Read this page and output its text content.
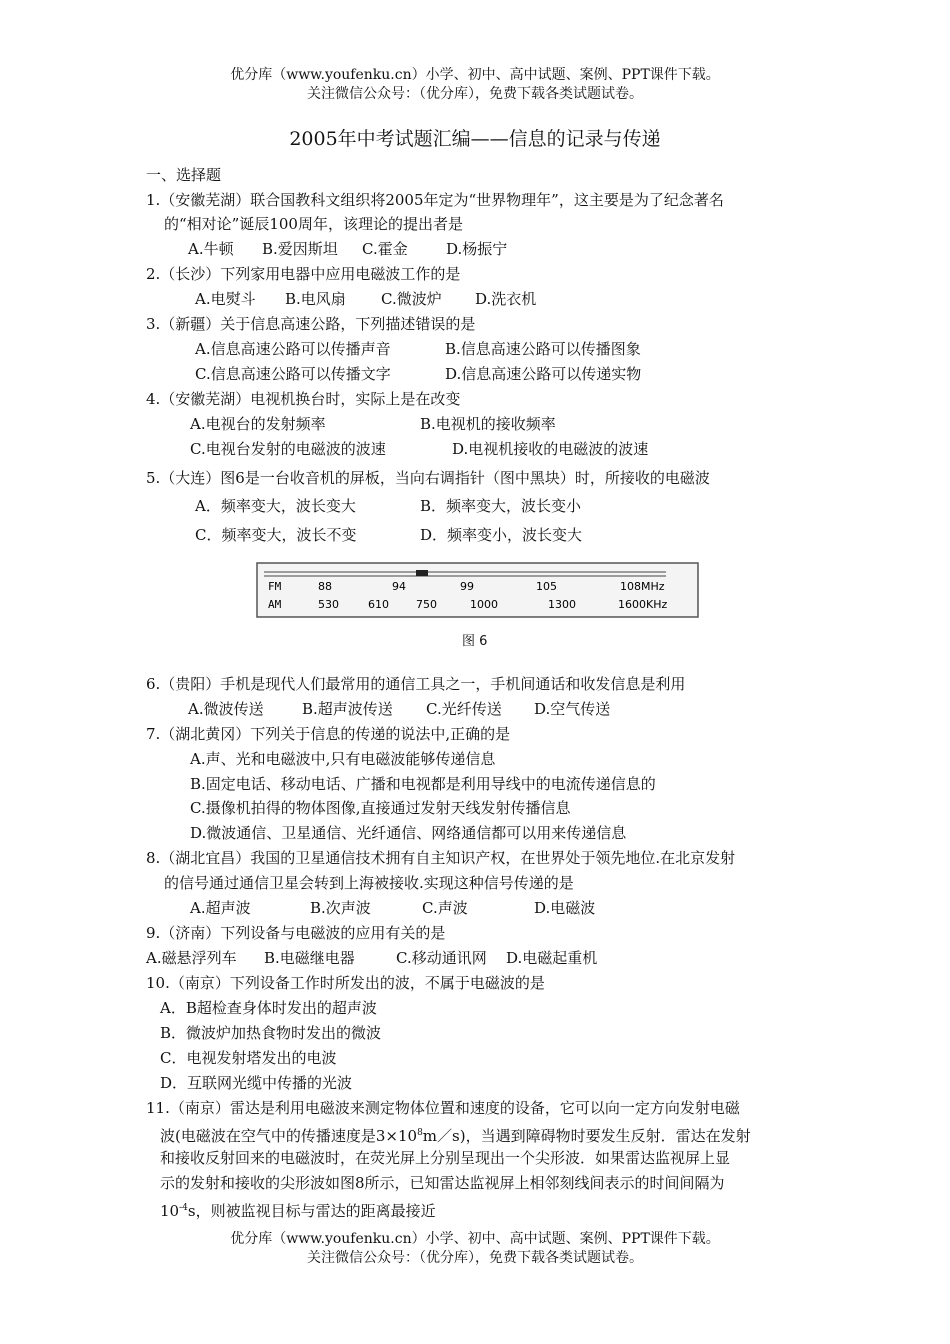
优分库（www.youfenku.cn）小学、初中、高中试题、案例、PPT课件下载。
关注微信公众号：（优分库），免费下载各类试题试卷。
2005年中考试题汇编——信息的记录与传递
一、选择题
1.（安徽芜湖）联合国教科文组织将2005年定为“世界物理年”，这主要是为了纪念著名
的“相对论”诞辰100周年，该理论的提出者是
A.牛顿 B.爱因斯坦 C.霍金	D.杨振宁
2.（长沙）下列家用电器中应用电磁波工作的是
A.电熨斗 B.电风扇 C.微波炉 D.洗衣机
3.（新疆）关于信息高速公路，下列描述错误的是
A.信息高速公路可以传播声音	B.信息高速公路可以传播图象
C.信息高速公路可以传播文字	D.信息高速公路可以传递实物
4.（安徽芜湖）电视机换台时，实际上是在改变
A.电视台的发射频率	B.电视机的接收频率
C.电视台发射的电磁波的波速	D.电视机接收的电磁波的波速
5.（大连）图6是一台收音机的屏板，当向右调指针（图中黑块）时，所接收的电磁波
A．频率变大，波长变大	B．频率变大，波长变小
C．频率变大，波长不变	D．频率变小，波长变大
FM
AM
88	94	99	105	108MHz
530	610 750	1000	1300	1600KHz
图 6
6.（贵阳）手机是现代人们最常用的通信工具之一，手机间通话和收发信息是利用
A.微波传送	B.超声波传送 C.光纤传送 D.空气传送
7.（湖北黄冈）下列关于信息的传递的说法中,正确的是
A.声、光和电磁波中,只有电磁波能够传递信息
B.固定电话、移动电话、广播和电视都是利用导线中的电流传递信息的
C.摄像机拍得的物体图像,直接通过发射天线发射传播信息
D.微波通信、卫星通信、光纤通信、网络通信都可以用来传递信息
8.（湖北宜昌）我国的卫星通信技术拥有自主知识产权，在世界处于领先地位.在北京发射
的信号通过通信卫星会转到上海被接收.实现这种信号传递的是
A.超声波	B.次声波	C.声波	D.电磁波
9.（济南）下列设备与电磁波的应用有关的是
A.磁悬浮列车 B.电磁继电器	C.移动通讯网 D.电磁起重机
10.（南京）下列设备工作时所发出的波，不属于电磁波的是
A．B超检查身体时发出的超声波
B．微波炉加热食物时发出的微波
C．电视发射塔发出的电波
D．互联网光缆中传播的光波
11.（南京）雷达是利用电磁波来测定物体位置和速度的设备，它可以向一定方向发射电磁
波(电磁波在空气中的传播速度是$3\times 10^8m/s$)，当遇到障碍物时要发生反射．雷达在发射
和接收反射回来的电磁波时，在荧光屏上分别呈现出一个尖形波．如果雷达监视屏上显
示的发射和接收的尖形波如图8所示，已知雷达监视屏上相邻刻线间表示的时间间隔为
$10^{-4}s$，则被监视目标与雷达的距离最接近
优分库（www.youfenku.cn）小学、初中、高中试题、案例、PPT课件下载。
关注微信公众号：（优分库），免费下载各类试题试卷。
